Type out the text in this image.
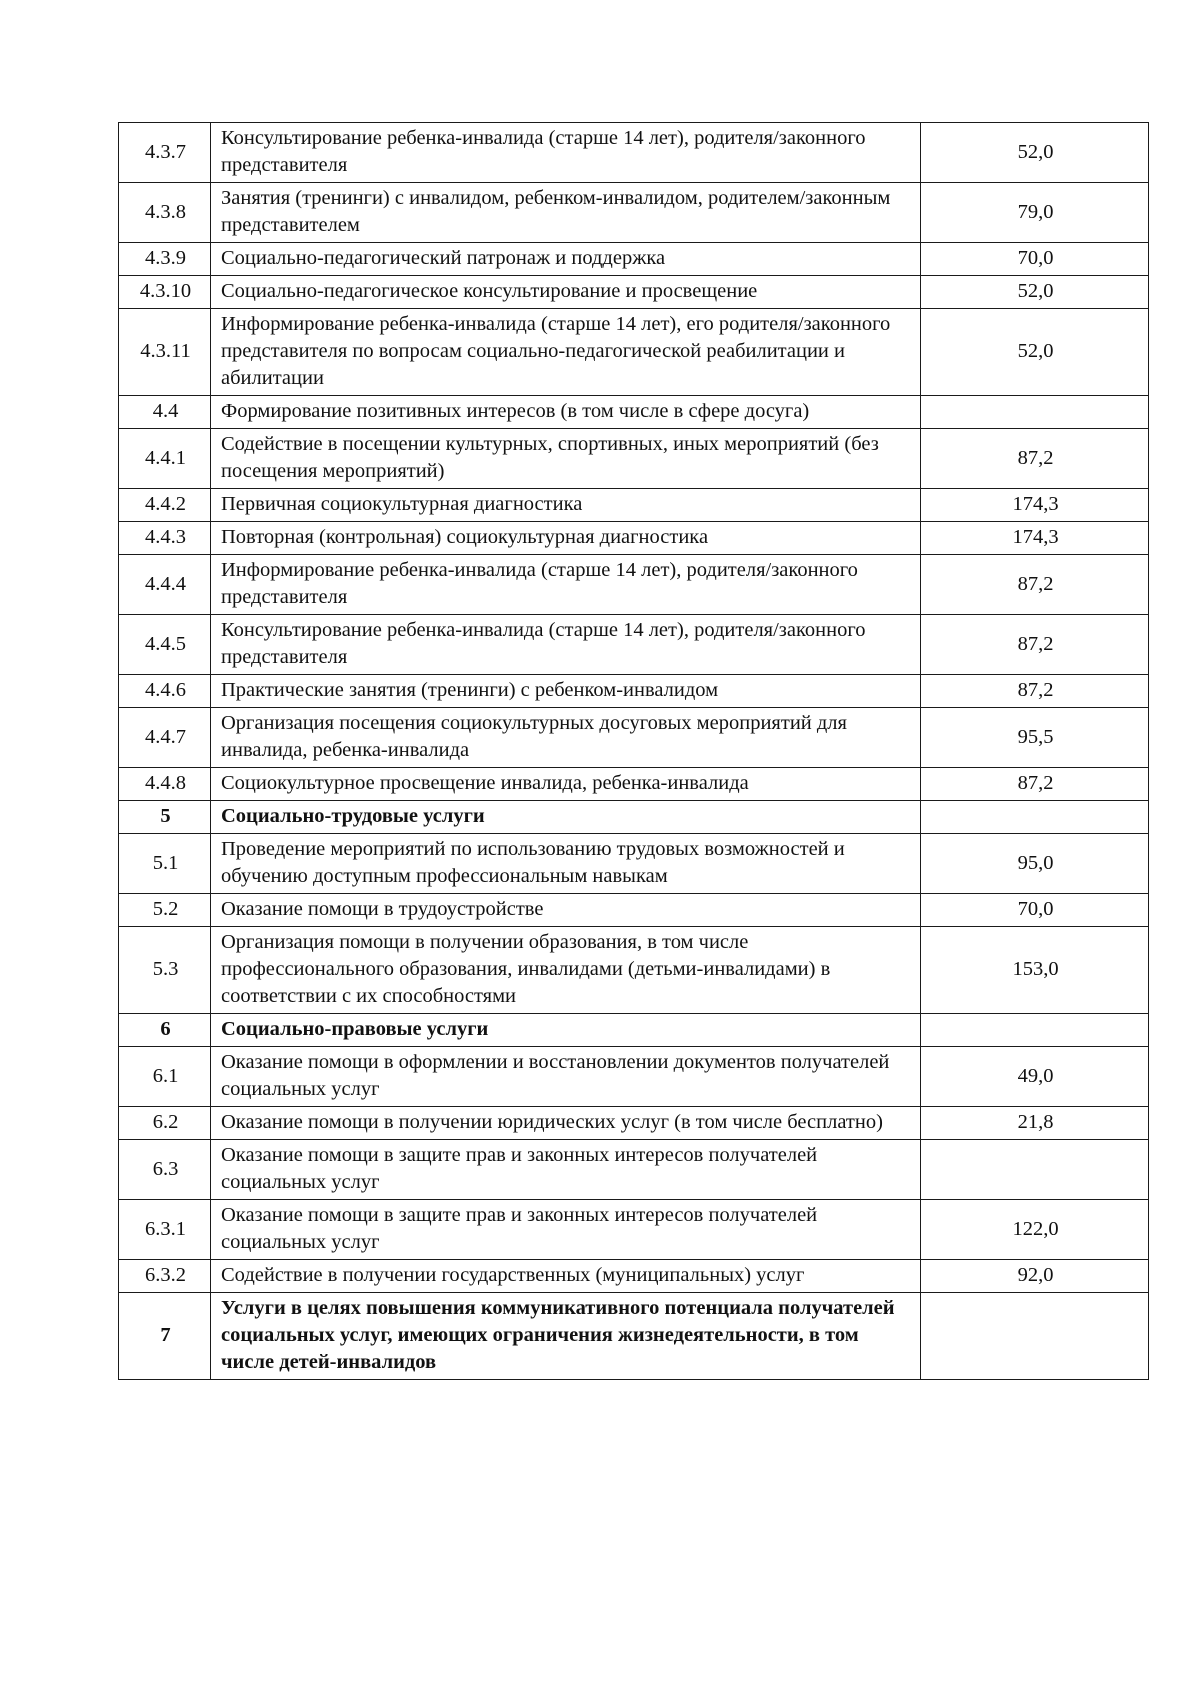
4.3.7	Консультирование ребенка-инвалида (старше 14 лет), родителя/законного представителя	52,0
4.3.8	Занятия (тренинги) с инвалидом, ребенком-инвалидом, родителем/законным представителем	79,0
4.3.9	Социально-педагогический патронаж и поддержка	70,0
4.3.10	Социально-педагогическое консультирование и просвещение	52,0
4.3.11	Информирование ребенка-инвалида (старше 14 лет), его родителя/законного представителя по вопросам социально-педагогической реабилитации и абилитации	52,0
4.4	Формирование позитивных интересов (в том числе в сфере досуга)	
4.4.1	Содействие в посещении культурных, спортивных, иных мероприятий (без посещения мероприятий)	87,2
4.4.2	Первичная социокультурная диагностика	174,3
4.4.3	Повторная (контрольная) социокультурная диагностика	174,3
4.4.4	Информирование ребенка-инвалида (старше 14 лет), родителя/законного представителя	87,2
4.4.5	Консультирование ребенка-инвалида (старше 14 лет), родителя/законного представителя	87,2
4.4.6	Практические занятия (тренинги) с ребенком-инвалидом	87,2
4.4.7	Организация посещения социокультурных досуговых мероприятий для инвалида, ребенка-инвалида	95,5
4.4.8	Социокультурное просвещение инвалида, ребенка-инвалида	87,2
5	Социально-трудовые услуги	
5.1	Проведение мероприятий по использованию трудовых возможностей и обучению доступным профессиональным навыкам	95,0
5.2	Оказание помощи в трудоустройстве	70,0
5.3	Организация помощи в получении образования, в том числе профессионального образования, инвалидами (детьми-инвалидами) в соответствии с их способностями	153,0
6	Социально-правовые услуги	
6.1	Оказание помощи в оформлении и восстановлении документов получателей социальных услуг	49,0
6.2	Оказание помощи в получении юридических услуг (в том числе бесплатно)	21,8
6.3	Оказание помощи в защите прав и законных интересов получателей социальных услуг	
6.3.1	Оказание помощи в защите прав и законных интересов получателей социальных услуг	122,0
6.3.2	Содействие в получении государственных (муниципальных) услуг	92,0
7	Услуги в целях повышения коммуникативного потенциала получателей социальных услуг, имеющих ограничения жизнедеятельности, в том числе детей-инвалидов	
